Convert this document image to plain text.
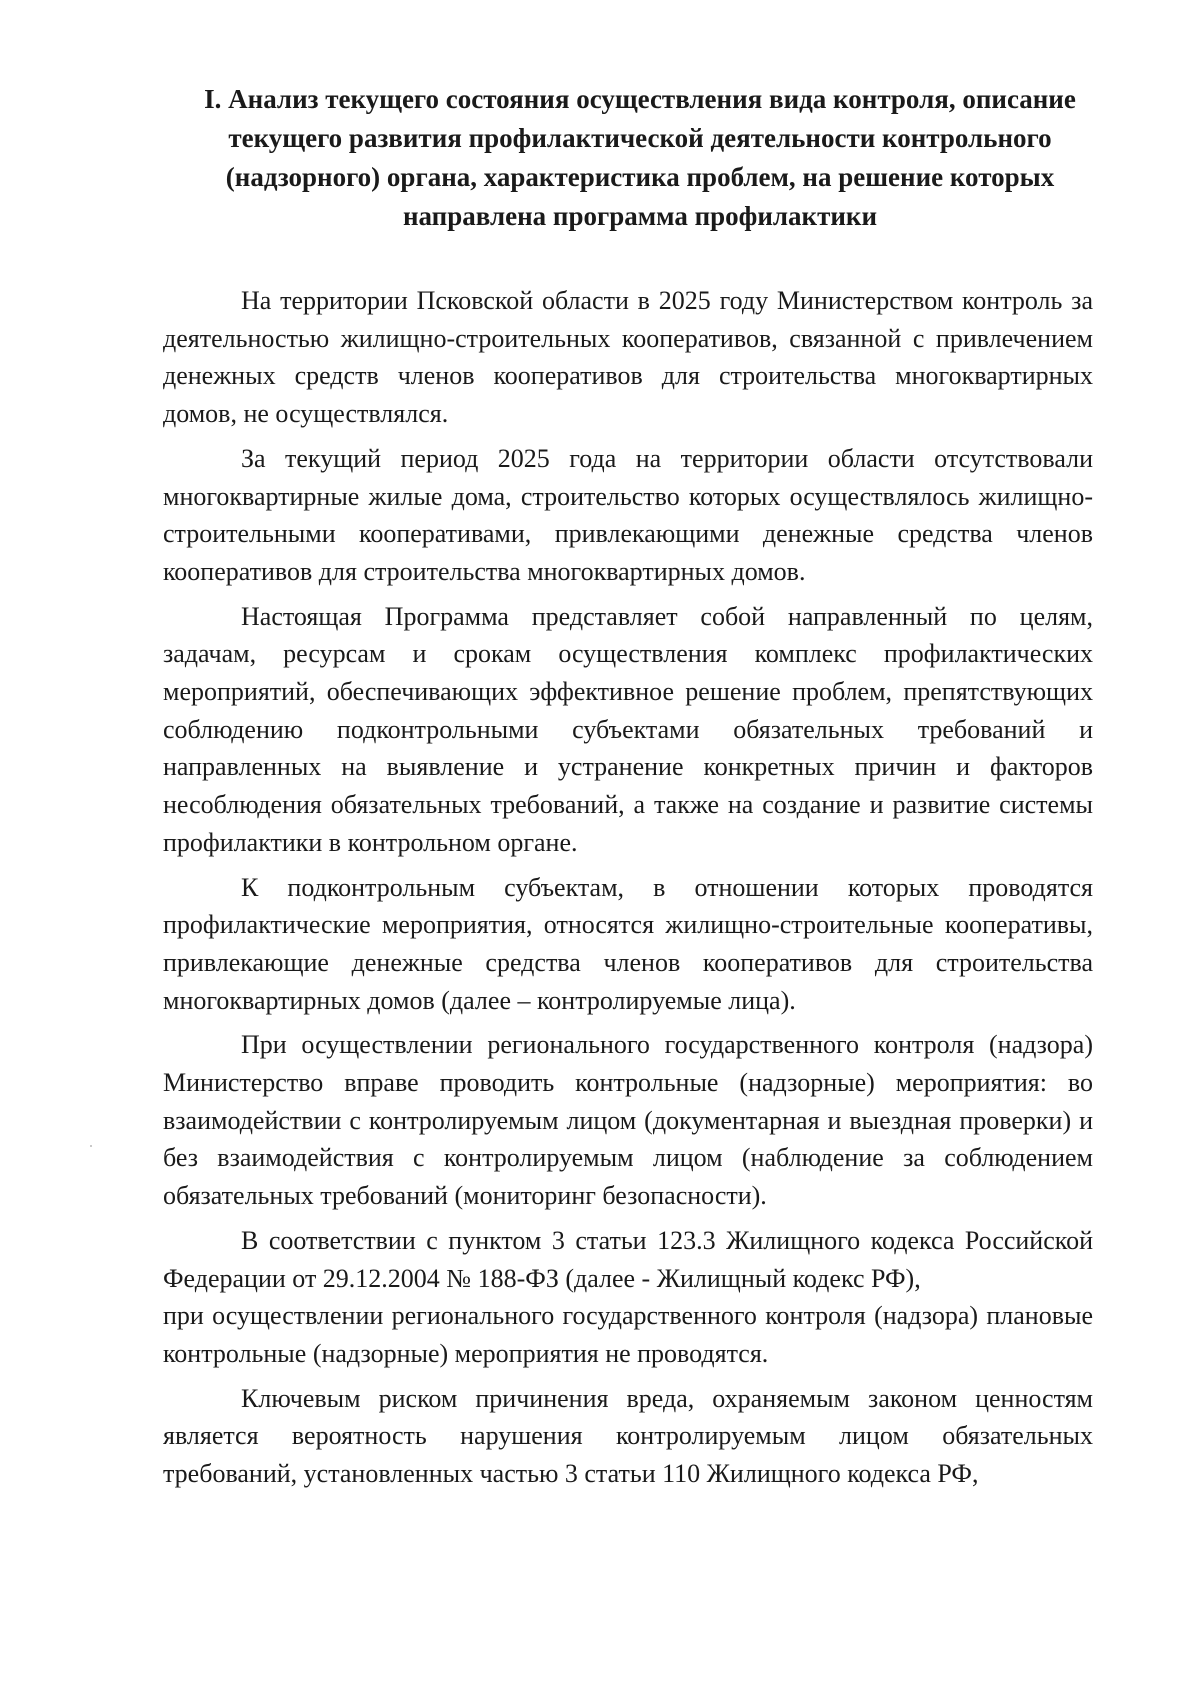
I. Анализ текущего состояния осуществления вида контроля, описание текущего развития профилактической деятельности контрольного (надзорного) органа, характеристика проблем, на решение которых направлена программа профилактики

На территории Псковской области в 2025 году Министерством контроль за деятельностью жилищно-строительных кооперативов, связанной с привлечением денежных средств членов кооперативов для строительства многоквартирных домов, не осуществлялся.

За текущий период 2025 года на территории области отсутствовали многоквартирные жилые дома, строительство которых осуществлялось жилищно-строительными кооперативами, привлекающими денежные средства членов кооперативов для строительства многоквартирных домов.

Настоящая Программа представляет собой направленный по целям, задачам, ресурсам и срокам осуществления комплекс профилактических мероприятий, обеспечивающих эффективное решение проблем, препятствующих соблюдению подконтрольными субъектами обязательных требований и направленных на выявление и устранение конкретных причин и факторов несоблюдения обязательных требований, а также на создание и развитие системы профилактики в контрольном органе.

К подконтрольным субъектам, в отношении которых проводятся профилактические мероприятия, относятся жилищно-строительные кооперативы, привлекающие денежные средства членов кооперативов для строительства многоквартирных домов (далее – контролируемые лица).

При осуществлении регионального государственного контроля (надзора) Министерство вправе проводить контрольные (надзорные) мероприятия: во взаимодействии с контролируемым лицом (документарная и выездная проверки) и без взаимодействия с контролируемым лицом (наблюдение за соблюдением обязательных требований (мониторинг безопасности).

В соответствии с пунктом 3 статьи 123.3 Жилищного кодекса Российской Федерации от 29.12.2004 № 188-ФЗ (далее - Жилищный кодекс РФ),

при осуществлении регионального государственного контроля (надзора) плановые контрольные (надзорные) мероприятия не проводятся.

Ключевым риском причинения вреда, охраняемым законом ценностям является вероятность нарушения контролируемым лицом обязательных требований, установленных частью 3 статьи 110 Жилищного кодекса РФ,
